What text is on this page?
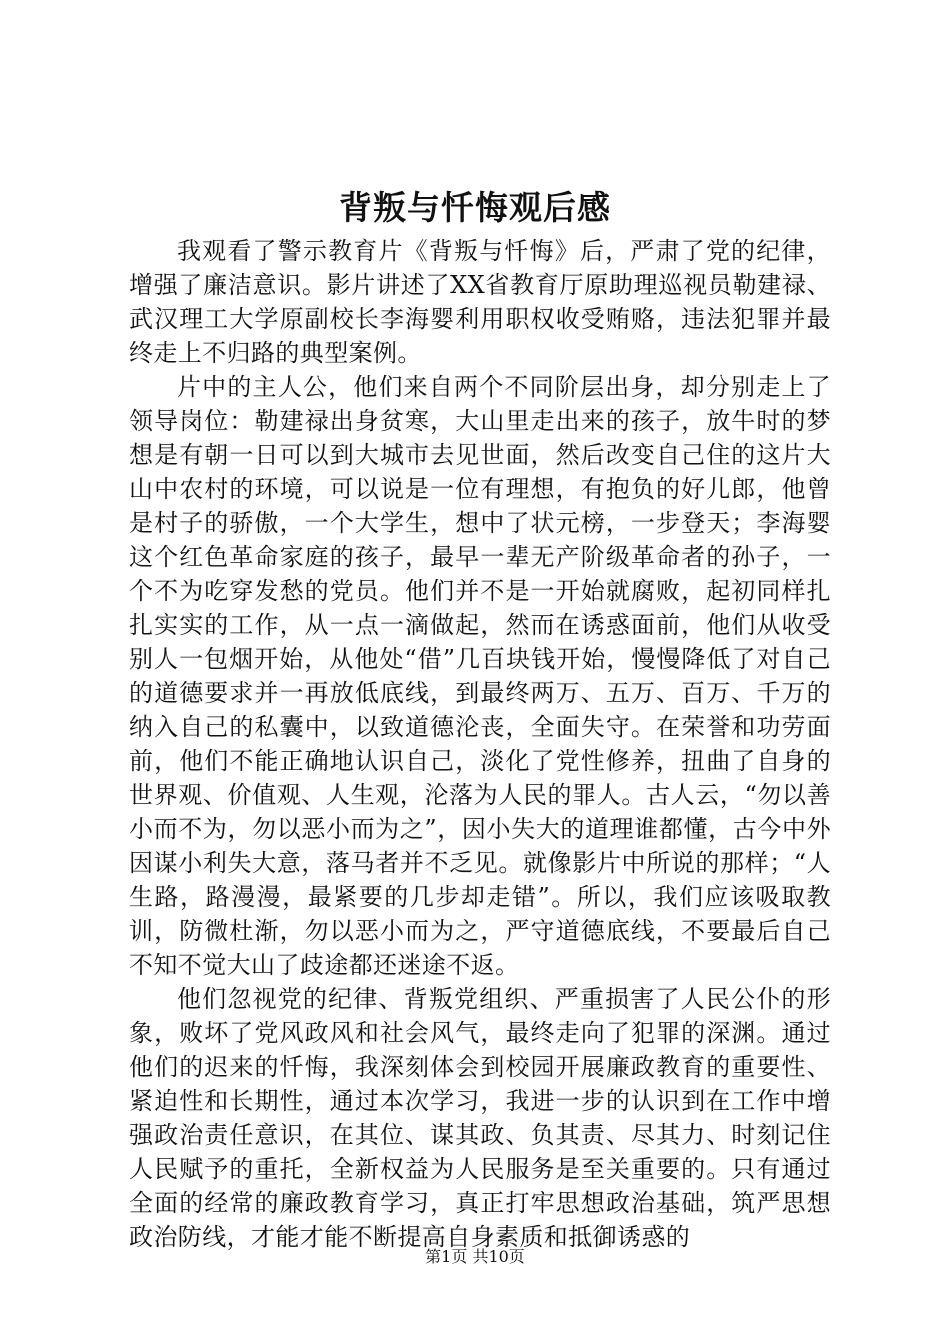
背叛与忏悔观后感

我观看了警示教育片《背叛与忏悔》后，严肃了党的纪律，增强了廉洁意识。影片讲述了XX省教育厅原助理巡视员勒建禄、武汉理工大学原副校长李海婴利用职权收受贿赂，违法犯罪并最终走上不归路的典型案例。

片中的主人公，他们来自两个不同阶层出身，却分别走上了领导岗位：勒建禄出身贫寒，大山里走出来的孩子，放牛时的梦想是有朝一日可以到大城市去见世面，然后改变自己住的这片大山中农村的环境，可以说是一位有理想，有抱负的好儿郎，他曾是村子的骄傲，一个大学生，想中了状元榜，一步登天；李海婴这个红色革命家庭的孩子，最早一辈无产阶级革命者的孙子，一个不为吃穿发愁的党员。他们并不是一开始就腐败，起初同样扎扎实实的工作，从一点一滴做起，然而在诱惑面前，他们从收受别人一包烟开始，从他处“借”几百块钱开始，慢慢降低了对自己的道德要求并一再放低底线，到最终两万、五万、百万、千万的纳入自己的私囊中，以致道德沦丧，全面失守。在荣誉和功劳面前，他们不能正确地认识自己，淡化了党性修养，扭曲了自身的世界观、价值观、人生观，沦落为人民的罪人。古人云，“勿以善小而不为，勿以恶小而为之”，因小失大的道理谁都懂，古今中外因谋小利失大意，落马者并不乏见。就像影片中所说的那样；“人生路，路漫漫，最紧要的几步却走错”。所以，我们应该吸取教训，防微杜渐，勿以恶小而为之，严守道德底线，不要最后自己不知不觉大山了歧途都还迷途不返。

他们忽视党的纪律、背叛党组织、严重损害了人民公仆的形象，败坏了党风政风和社会风气，最终走向了犯罪的深渊。通过他们的迟来的忏悔，我深刻体会到校园开展廉政教育的重要性、紧迫性和长期性，通过本次学习，我进一步的认识到在工作中增强政治责任意识，在其位、谋其政、负其责、尽其力、时刻记住人民赋予的重托，全新权益为人民服务是至关重要的。只有通过全面的经常的廉政教育学习，真正打牢思想政治基础，筑严思想政治防线，才能才能不断提高自身素质和抵御诱惑的

第1页 共10页
